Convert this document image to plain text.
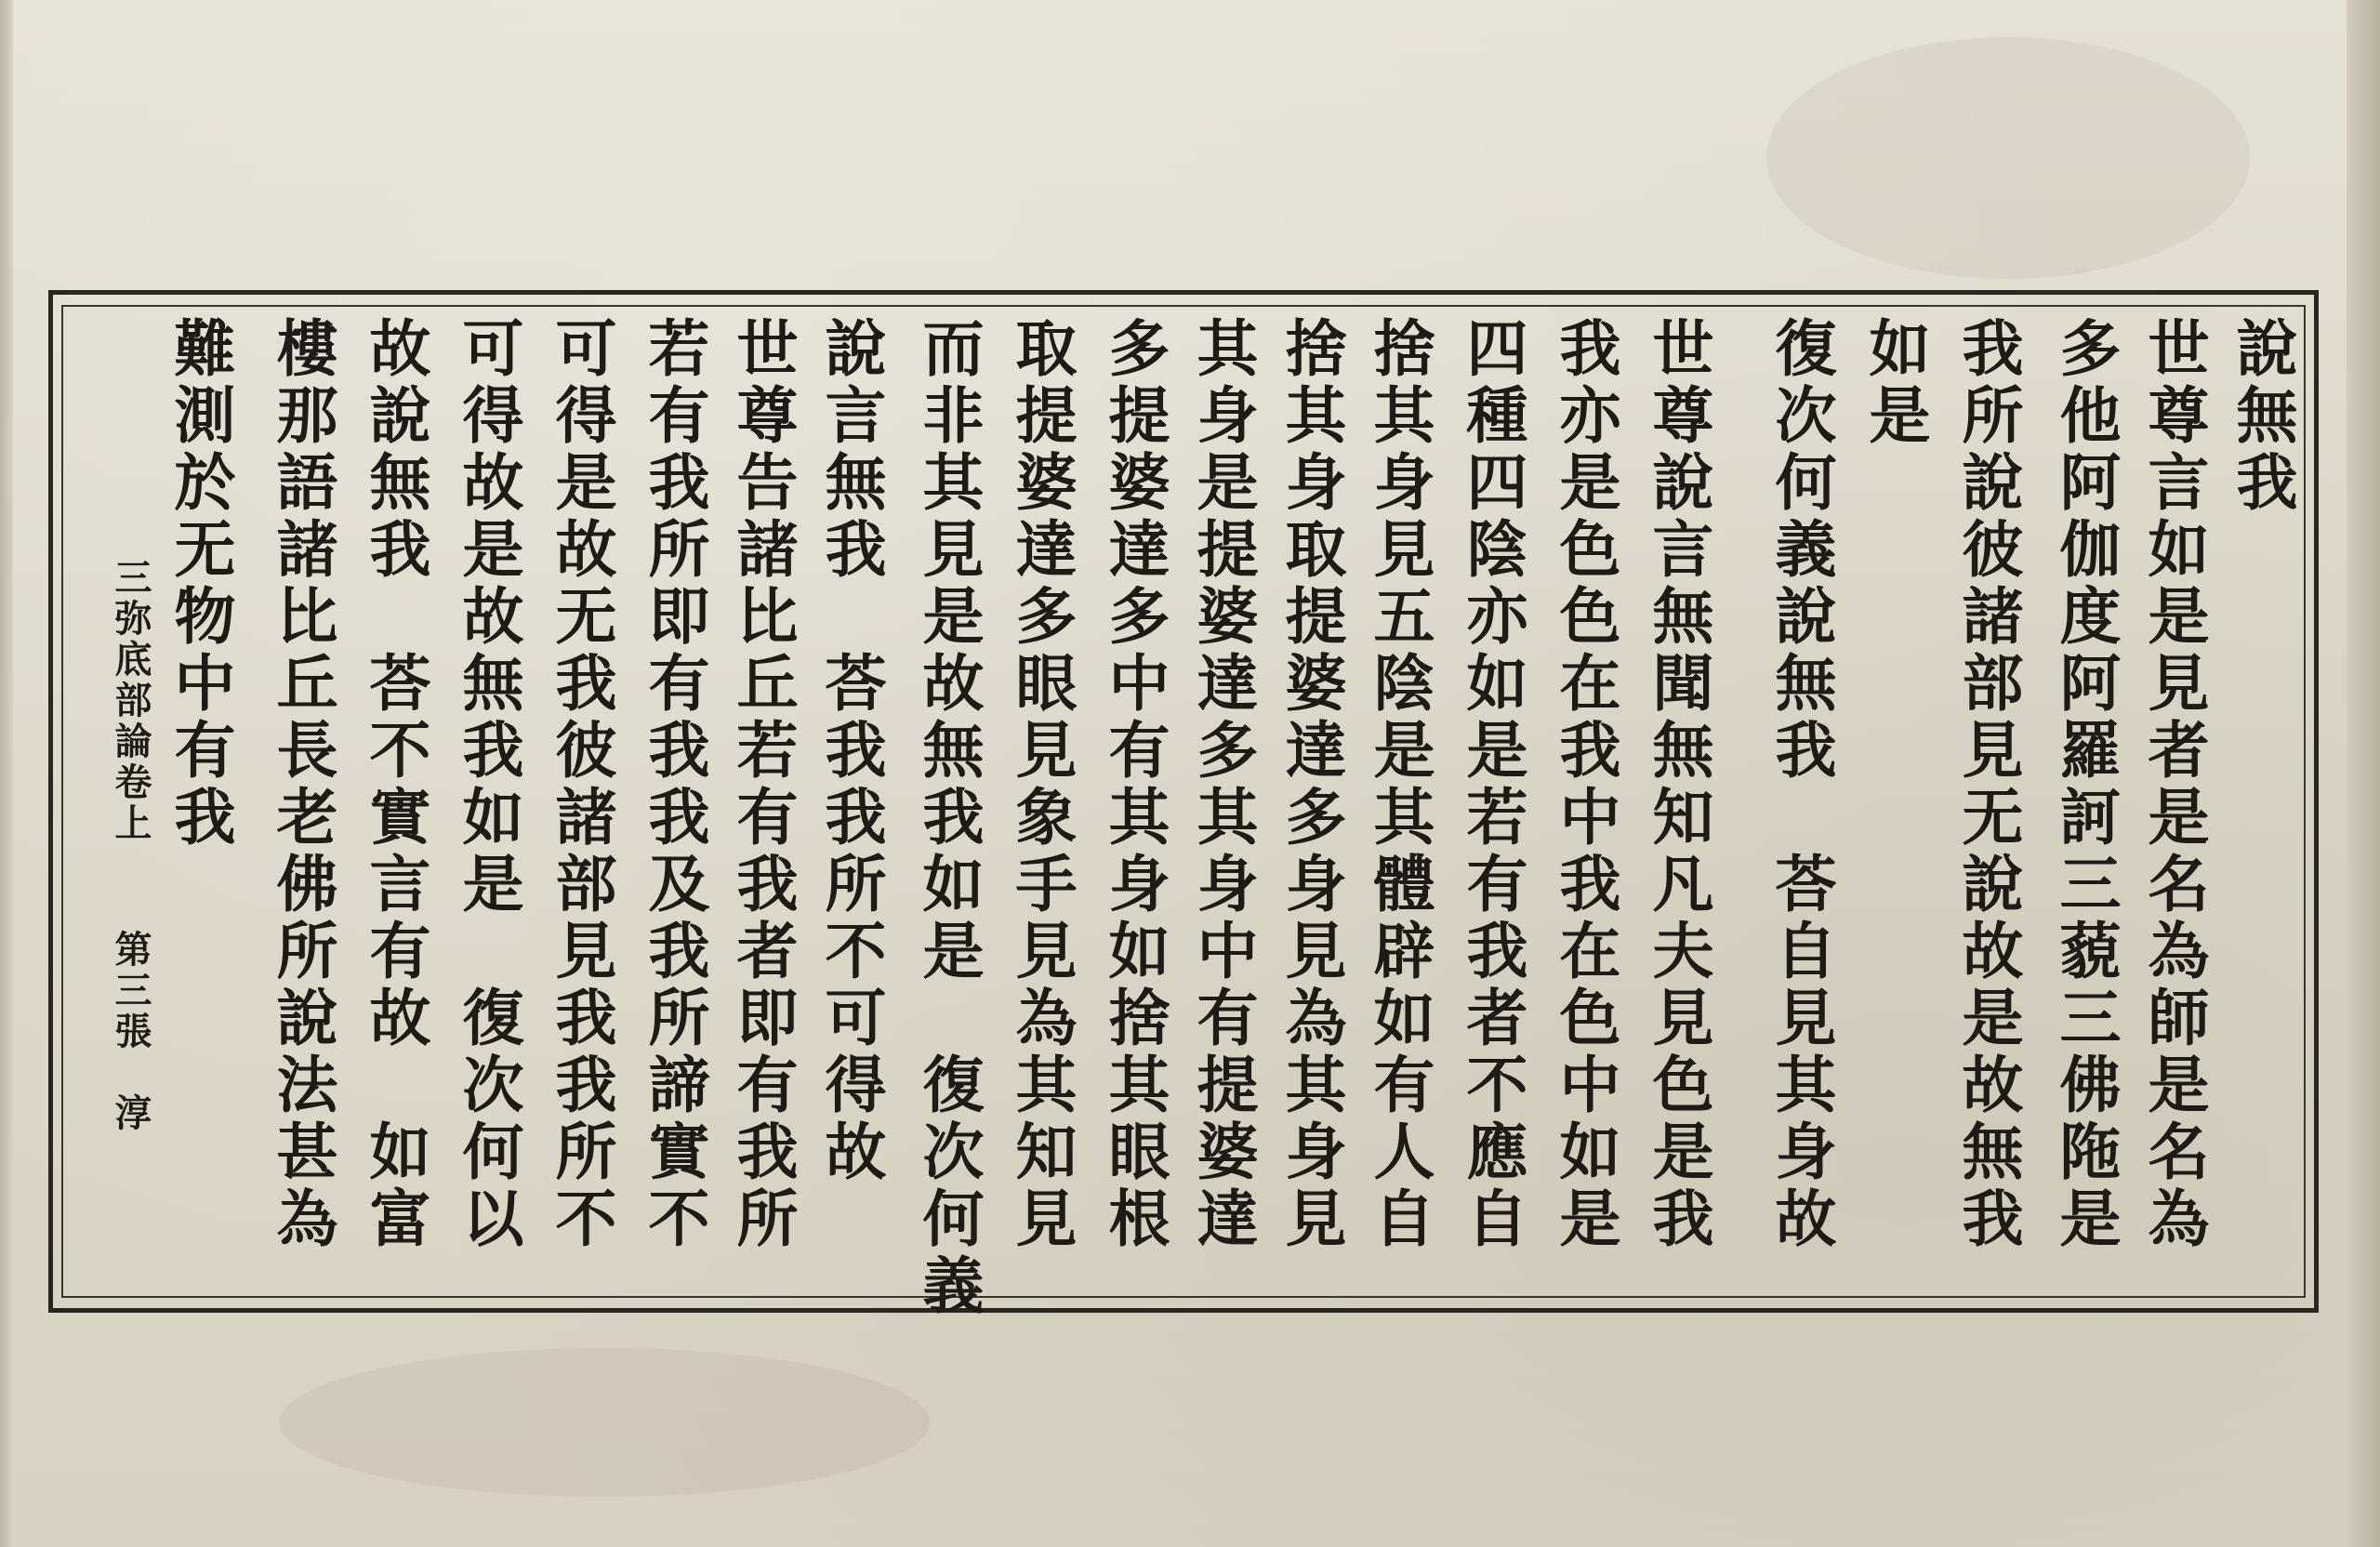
說無我
世尊言如是見者是名為師是名為
多他阿伽度阿羅訶三藐三佛陁是
我所說彼諸部見无說故是故無我
如是
復次何義說無我　荅自見其身故
世尊說言無聞無知凡夫見色是我
我亦是色色在我中我在色中如是
四種四陰亦如是若有我者不應自
捨其身見五陰是其體辟如有人自
捨其身取提婆達多身見為其身見
其身是提婆達多其身中有提婆達
多提婆達多中有其身如捨其眼根
取提婆達多眼見象手見為其知見
而非其見是故無我如是　復次何義
說言無我　荅我我所不可得故
世尊告諸比丘若有我者即有我所
若有我所即有我我及我所諦實不
可得是故无我彼諸部見我我所不
可得故是故無我如是　復次何以
故說無我　荅不實言有故　如富
樓那語諸比丘長老佛所說法甚為
難測於无物中有我
三弥底部論卷上
第三張　淳
